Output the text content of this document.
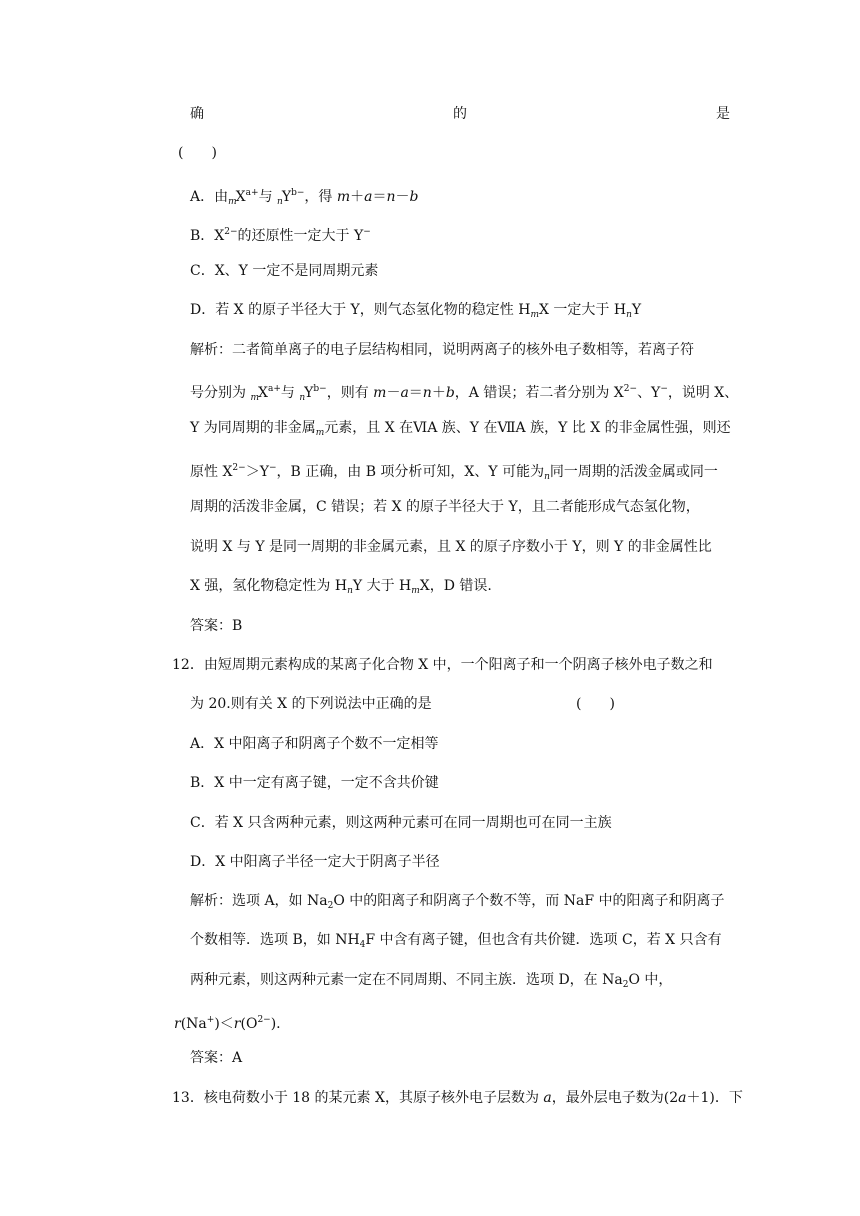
确	的	是
(　　)
A．由$_mX^{a+}$与 $_nY^{b-}$，得 m＋a＝n－b
B．$X^{2-}$的还原性一定大于 Y−
C．X、Y 一定不是同周期元素
D．若 X 的原子半径大于 Y，则气态氢化物的稳定性 $H_mX$ 一定大于 $H_nY$
解析：二者简单离子的电子层结构相同，说明两离子的核外电子数相等，若离子符
号分别为 $_mX^{a+}$与 $_nY^{b-}$，则有 m－a＝n＋b，A 错误；若二者分别为 $X^{2-}$、Y−，说明 X、
Y 为同周期的非金属$_m$元素，且 X 在ⅥA 族、Y 在ⅦA 族，Y 比 X 的非金属性强，则还
原性 $X^{2-}>Y^-$，B 正确，由 B 项分析可知，X、Y 可能为$_n$同一周期的活泼金属或同一
周期的活泼非金属，C 错误；若 X 的原子半径大于 Y，且二者能形成气态氢化物，
说明 X 与 Y 是同一周期的非金属元素，且 X 的原子序数小于 Y，则 Y 的非金属性比
X 强，氢化物稳定性为 $H_nY$ 大于 $H_mX$，D 错误.
答案：B
12．由短周期元素构成的某离子化合物 X 中，一个阳离子和一个阴离子核外电子数之和
为 20.则有关 X 的下列说法中正确的是	(　　)
A．X 中阳离子和阴离子个数不一定相等
B．X 中一定有离子键，一定不含共价键
C．若 X 只含两种元素，则这两种元素可在同一周期也可在同一主族
D．X 中阳离子半径一定大于阴离子半径
解析：选项 A，如 $Na_2O$ 中的阳离子和阴离子个数不等，而 NaF 中的阳离子和阴离子
个数相等．选项 B，如 $NH_4F$ 中含有离子键，但也含有共价键．选项 C，若 X 只含有
两种元素，则这两种元素一定在不同周期、不同主族．选项 D，在 $Na_2O$ 中，
$r(Na^+)<r(O^{2-})$.
答案：A
13．核电荷数小于 18 的某元素 X，其原子核外电子层数为 a，最外层电子数为(2a＋1)．下
